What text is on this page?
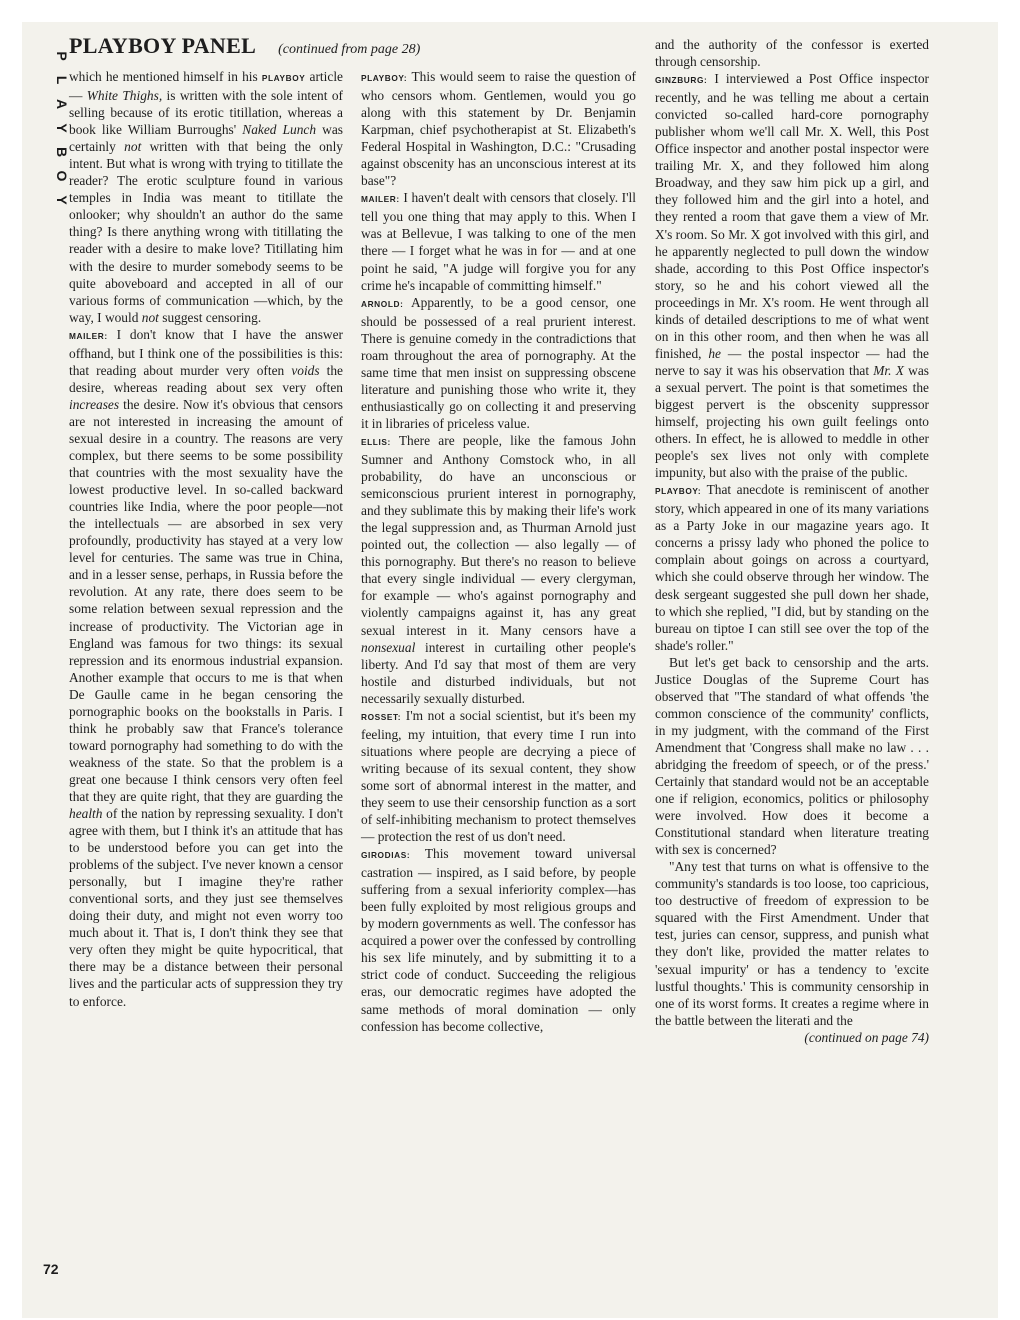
P
L
A
Y
B
O
Y
72
PLAYBOY PANEL (continued from page 28)

which he mentioned himself in his PLAYBOY article — White Thighs, is written with the sole intent of selling because of its erotic titillation, whereas a book like William Burroughs' Naked Lunch was certainly not written with that being the only intent. But what is wrong with trying to titillate the reader? The erotic sculpture found in various temples in India was meant to titillate the onlooker; why shouldn't an author do the same thing? Is there anything wrong with titillating the reader with a desire to make love? Titillating him with the desire to murder somebody seems to be quite aboveboard and accepted in all of our various forms of communication —which, by the way, I would not suggest censoring.

MAILER: I don't know that I have the answer offhand, but I think one of the possibilities is this: that reading about murder very often voids the desire, whereas reading about sex very often increases the desire. Now it's obvious that censors are not interested in increasing the amount of sexual desire in a country. The reasons are very complex, but there seems to be some possibility that countries with the most sexuality have the lowest productive level. In so-called backward countries like India, where the poor people—not the intellectuals — are absorbed in sex very profoundly, productivity has stayed at a very low level for centuries. The same was true in China, and in a lesser sense, perhaps, in Russia before the revolution. At any rate, there does seem to be some relation between sexual repression and the increase of productivity. The Victorian age in England was famous for two things: its sexual repression and its enormous industrial expansion. Another example that occurs to me is that when De Gaulle came in he began censoring the pornographic books on the bookstalls in Paris. I think he probably saw that France's tolerance toward pornography had something to do with the weakness of the state. So that the problem is a great one because I think censors very often feel that they are quite right, that they are guarding the health of the nation by repressing sexuality. I don't agree with them, but I think it's an attitude that has to be understood before you can get into the problems of the subject. I've never known a censor personally, but I imagine they're rather conventional sorts, and they just see themselves doing their duty, and might not even worry too much about it. That is, I don't think they see that very often they might be quite hypocritical, that there may be a distance between their personal lives and the particular acts of suppression they try to enforce.

PLAYBOY: This would seem to raise the question of who censors whom. Gentlemen, would you go along with this statement by Dr. Benjamin Karpman, chief psychotherapist at St. Elizabeth's Federal Hospital in Washington, D.C.: "Crusading against obscenity has an unconscious interest at its base"?

MAILER: I haven't dealt with censors that closely. I'll tell you one thing that may apply to this. When I was at Bellevue, I was talking to one of the men there — I forget what he was in for — and at one point he said, "A judge will forgive you for any crime he's incapable of committing himself."

ARNOLD: Apparently, to be a good censor, one should be possessed of a real prurient interest. There is genuine comedy in the contradictions that roam throughout the area of pornography. At the same time that men insist on suppressing obscene literature and punishing those who write it, they enthusiastically go on collecting it and preserving it in libraries of priceless value.

ELLIS: There are people, like the famous John Sumner and Anthony Comstock who, in all probability, do have an unconscious or semiconscious prurient interest in pornography, and they sublimate this by making their life's work the legal suppression and, as Thurman Arnold just pointed out, the collection — also legally — of this pornography. But there's no reason to believe that every single individual — every clergyman, for example — who's against pornography and violently campaigns against it, has any great sexual interest in it. Many censors have a nonsexual interest in curtailing other people's liberty. And I'd say that most of them are very hostile and disturbed individuals, but not necessarily sexually disturbed.

ROSSET: I'm not a social scientist, but it's been my feeling, my intuition, that every time I run into situations where people are decrying a piece of writing because of its sexual content, they show some sort of abnormal interest in the matter, and they seem to use their censorship function as a sort of self-inhibiting mechanism to protect themselves — protection the rest of us don't need.

GIRODIAS: This movement toward universal castration — inspired, as I said before, by people suffering from a sexual inferiority complex—has been fully exploited by most religious groups and by modern governments as well. The confessor has acquired a power over the confessed by controlling his sex life minutely, and by submitting it to a strict code of conduct. Succeeding the religious eras, our democratic regimes have adopted the same methods of moral domination — only confession has become collective,

and the authority of the confessor is exerted through censorship.

GINZBURG: I interviewed a Post Office inspector recently, and he was telling me about a certain convicted so-called hard-core pornography publisher whom we'll call Mr. X. Well, this Post Office inspector and another postal inspector were trailing Mr. X, and they followed him along Broadway, and they saw him pick up a girl, and they followed him and the girl into a hotel, and they rented a room that gave them a view of Mr. X's room. So Mr. X got involved with this girl, and he apparently neglected to pull down the window shade, according to this Post Office inspector's story, so he and his cohort viewed all the proceedings in Mr. X's room. He went through all kinds of detailed descriptions to me of what went on in this other room, and then when he was all finished, he — the postal inspector — had the nerve to say it was his observation that Mr. X was a sexual pervert. The point is that sometimes the biggest pervert is the obscenity suppressor himself, projecting his own guilt feelings onto others. In effect, he is allowed to meddle in other people's sex lives not only with complete impunity, but also with the praise of the public.

PLAYBOY: That anecdote is reminiscent of another story, which appeared in one of its many variations as a Party Joke in our magazine years ago. It concerns a prissy lady who phoned the police to complain about goings on across a courtyard, which she could observe through her window. The desk sergeant suggested she pull down her shade, to which she replied, "I did, but by standing on the bureau on tiptoe I can still see over the top of the shade's roller."

But let's get back to censorship and the arts. Justice Douglas of the Supreme Court has observed that "The standard of what offends 'the common conscience of the community' conflicts, in my judgment, with the command of the First Amendment that 'Congress shall make no law . . . abridging the freedom of speech, or of the press.' Certainly that standard would not be an acceptable one if religion, economics, politics or philosophy were involved. How does it become a Constitutional standard when literature treating with sex is concerned?

"Any test that turns on what is offensive to the community's standards is too loose, too capricious, too destructive of freedom of expression to be squared with the First Amendment. Under that test, juries can censor, suppress, and punish what they don't like, provided the matter relates to 'sexual impurity' or has a tendency to 'excite lustful thoughts.' This is community censorship in one of its worst forms. It creates a regime where in the battle between the literati and the

(continued on page 74)
